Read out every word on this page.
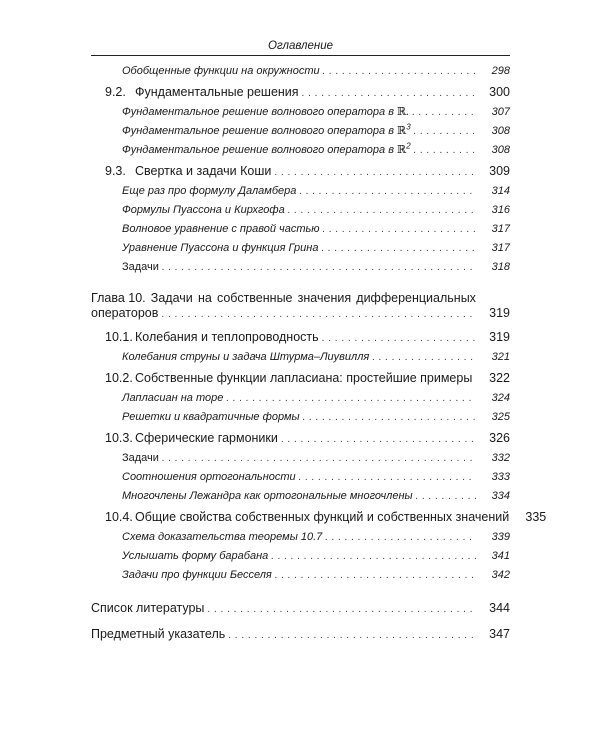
Оглавление
Обобщенные функции на окружности . . .	298
9.2. Фундаментальные решения . . .	300
Фундаментальное решение волнового оператора в ℝ. . . .	307
Фундаментальное решение волнового оператора в ℝ$^3$ . . .	308
Фундаментальное решение волнового оператора в ℝ$^2$ . . .	308
9.3. Свертка и задачи Коши . . .	309
Еще раз про формулу Даламбера . . .	314
Формулы Пуассона и Кирхгофа . . .	316
Волновое уравнение с правой частью . . .	317
Уравнение Пуассона и функция Грина . . .	317
Задачи . . .	318
Глава 10. Задачи на собственные значения дифференциальных
операторов . . .	319
10.1. Колебания и теплопроводность . . .	319
Колебания струны и задача Штурма–Лиувилля . . .	321
10.2. Собственные функции лапласиана: простейшие примеры . . .	322
Лапласиан на торе . . .	324
Решетки и квадратичные формы . . .	325
10.3. Сферические гармоники . . .	326
Задачи . . .	332
Соотношения ортогональности . . .	333
Многочлены Лежандра как ортогональные многочлены . . .	334
10.4. Общие свойства собственных функций и собственных значений	335
Схема доказательства теоремы 10.7 . . .	339
Услышать форму барабана . . .	341
Задачи про функции Бесселя . . .	342
Список литературы . . .	344
Предметный указатель . . .	347
